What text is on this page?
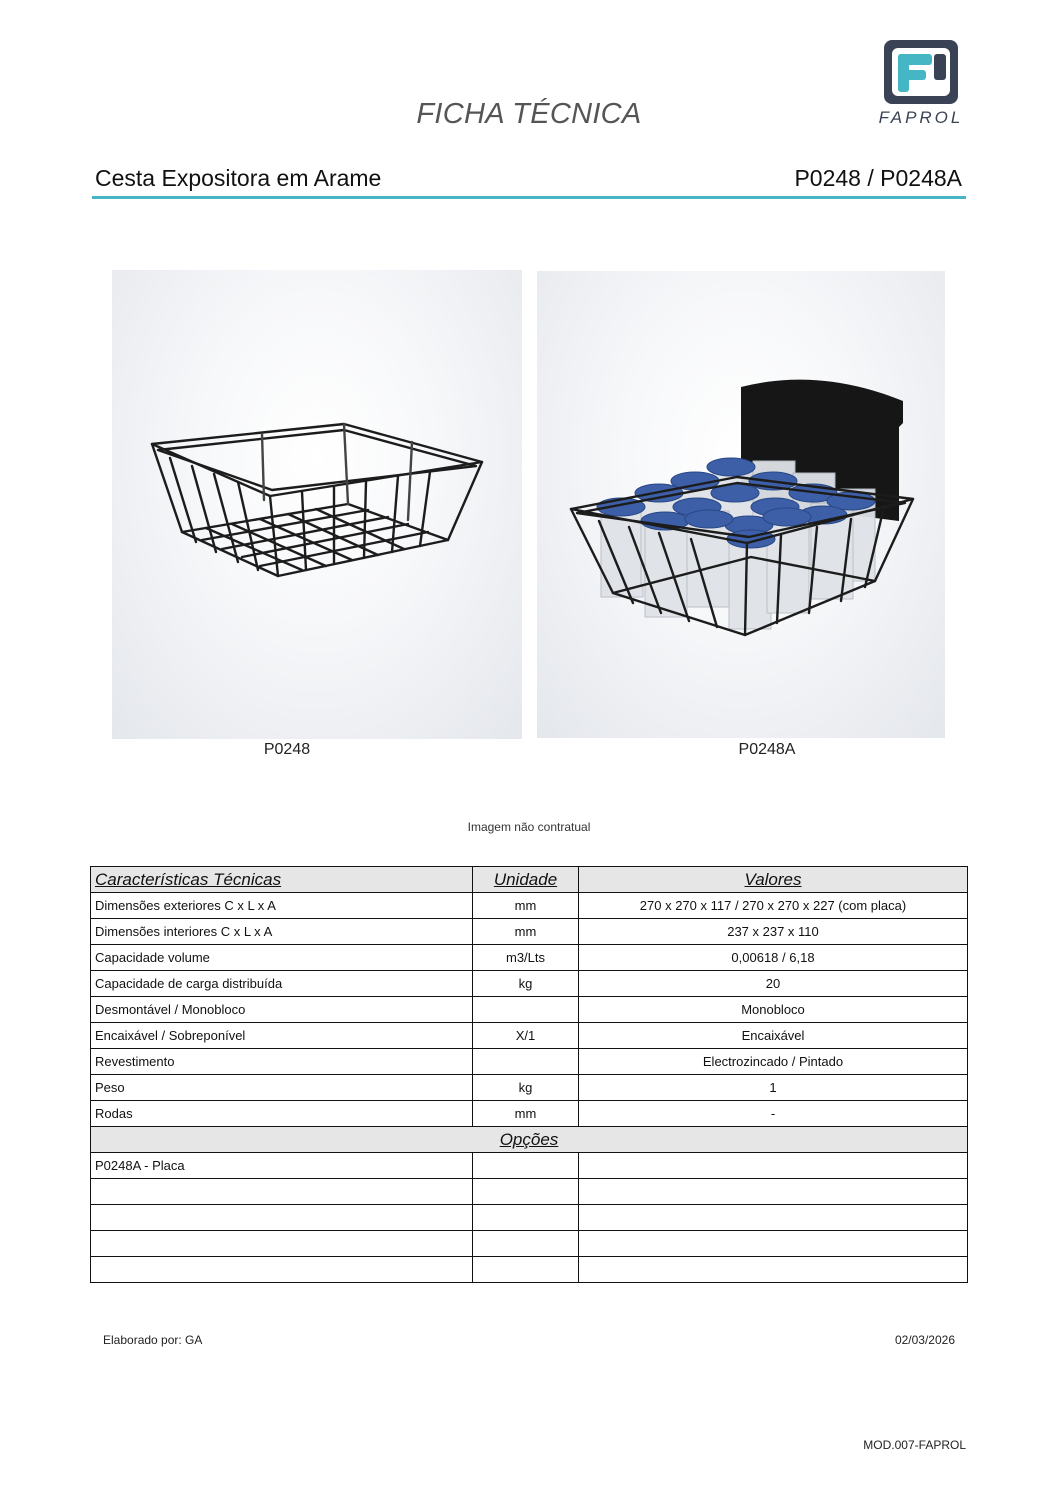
FICHA TÉCNICA	FAPROL
Cesta Expositora em Arame	P0248 / P0248A
P0248	P0248A
Imagem não contratual
Características Técnicas	Unidade	Valores
Dimensões exteriores C x L x A	mm	270 x 270 x 117 / 270 x 270 x 227 (com placa)
Dimensões interiores C x L x A	mm	237 x 237 x 110
Capacidade volume	m3/Lts	0,00618 / 6,18
Capacidade de carga distribuída	kg	20
Desmontável / Monobloco		Monobloco
Encaixável / Sobreponível	X/1	Encaixável
Revestimento		Electrozincado / Pintado
Peso	kg	1
Rodas	mm	-
Opções		
P0248A - Placa		

Elaborado por: GA	02/03/2026
MOD.007-FAPROL
